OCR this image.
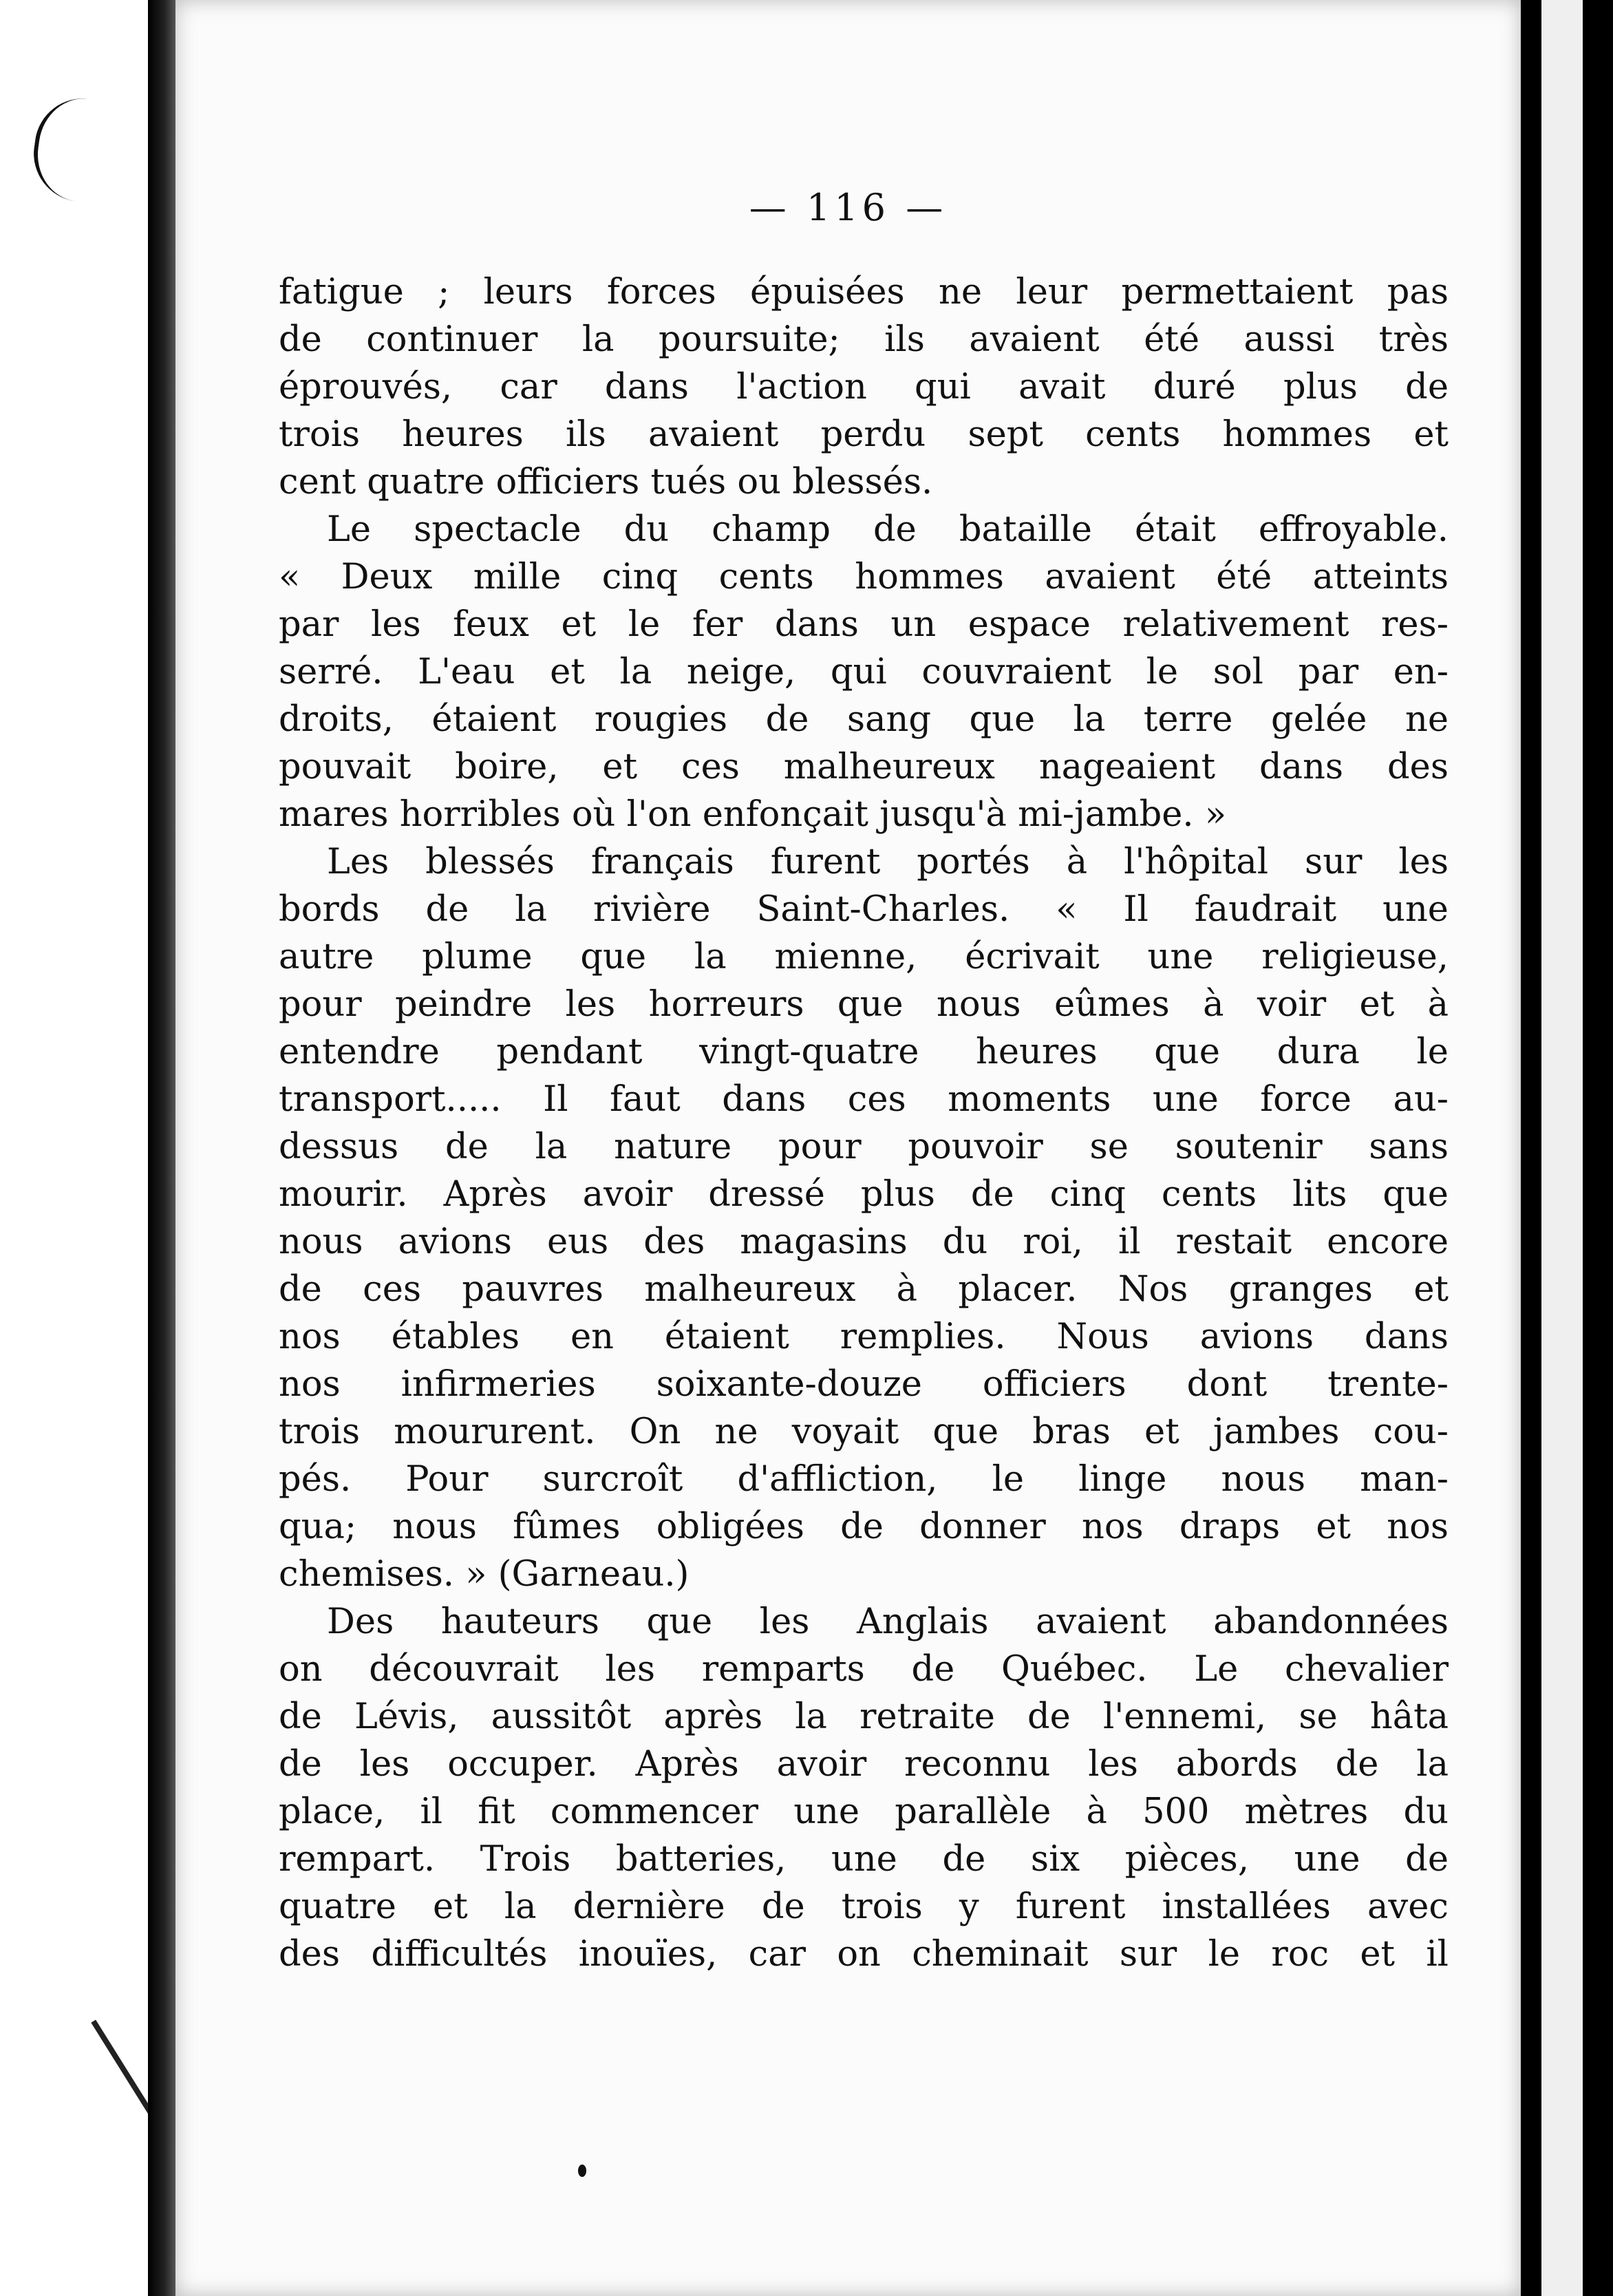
— 116 —
fatigue ; leurs forces épuisées ne leur permettaient pas
de continuer la poursuite; ils avaient été aussi très
éprouvés, car dans l'action qui avait duré plus de
trois heures ils avaient perdu sept cents hommes et
cent quatre officiers tués ou blessés.
Le spectacle du champ de bataille était effroyable.
« Deux mille cinq cents hommes avaient été atteints
par les feux et le fer dans un espace relativement res-
serré. L'eau et la neige, qui couvraient le sol par en-
droits, étaient rougies de sang que la terre gelée ne
pouvait boire, et ces malheureux nageaient dans des
mares horribles où l'on enfonçait jusqu'à mi-jambe. »
Les blessés français furent portés à l'hôpital sur les
bords de la rivière Saint-Charles. « Il faudrait une
autre plume que la mienne, écrivait une religieuse,
pour peindre les horreurs que nous eûmes à voir et à
entendre pendant vingt-quatre heures que dura le
transport..... Il faut dans ces moments une force au-
dessus de la nature pour pouvoir se soutenir sans
mourir. Après avoir dressé plus de cinq cents lits que
nous avions eus des magasins du roi, il restait encore
de ces pauvres malheureux à placer. Nos granges et
nos étables en étaient remplies. Nous avions dans
nos infirmeries soixante-douze officiers dont trente-
trois moururent. On ne voyait que bras et jambes cou-
pés. Pour surcroît d'affliction, le linge nous man-
qua; nous fûmes obligées de donner nos draps et nos
chemises. » (Garneau.)
Des hauteurs que les Anglais avaient abandonnées
on découvrait les remparts de Québec. Le chevalier
de Lévis, aussitôt après la retraite de l'ennemi, se hâta
de les occuper. Après avoir reconnu les abords de la
place, il fit commencer une parallèle à 500 mètres du
rempart. Trois batteries, une de six pièces, une de
quatre et la dernière de trois y furent installées avec
des difficultés inouïes, car on cheminait sur le roc et il
